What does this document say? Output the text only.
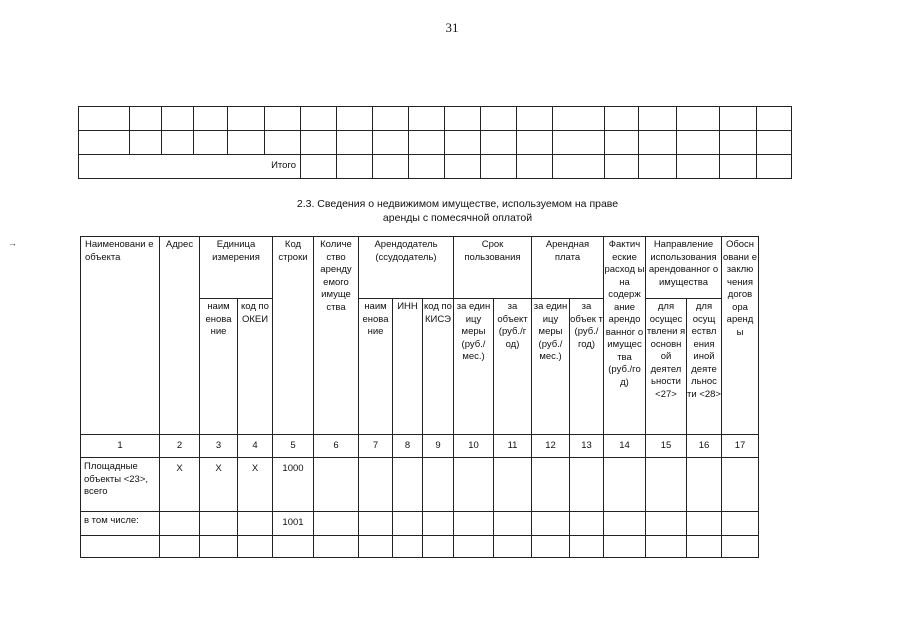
31

Итого																		
2.3. Сведения о недвижимом имуществе, используемом на праве
аренды с помесячной оплатой
→	Наименовани е объекта	Адрес	Единица измерения		Код строки	Количе ство аренду емого имуще ства	Арендодатель (ссудодатель)			Срок пользования		Арендная плата		Фактич еские расход ы на содерж ание арендо ванног о имущес тва (руб./го д)	Направление использования арендованног о имущества		Обосн овани е заклю чения догов ора аренд ы
		наим енова ние	код по ОКЕИ			наим енова ние	ИНН	код по КИСЭ	за един ицу меры (руб./ мес.)	за объект (руб./г од)	за един ицу меры (руб./ мес.)	за объек т (руб./ год)		для осущес твлени я основн ой деятел ьности <27>	для осущ ествл ения иной деяте льнос ти <28>	
1	2	3	4	5	6	7	8	9	10	11	12	13	14	15	16	17
Площадные объекты <23>, всего	X	X	X	1000												
в том числе:				1001												
